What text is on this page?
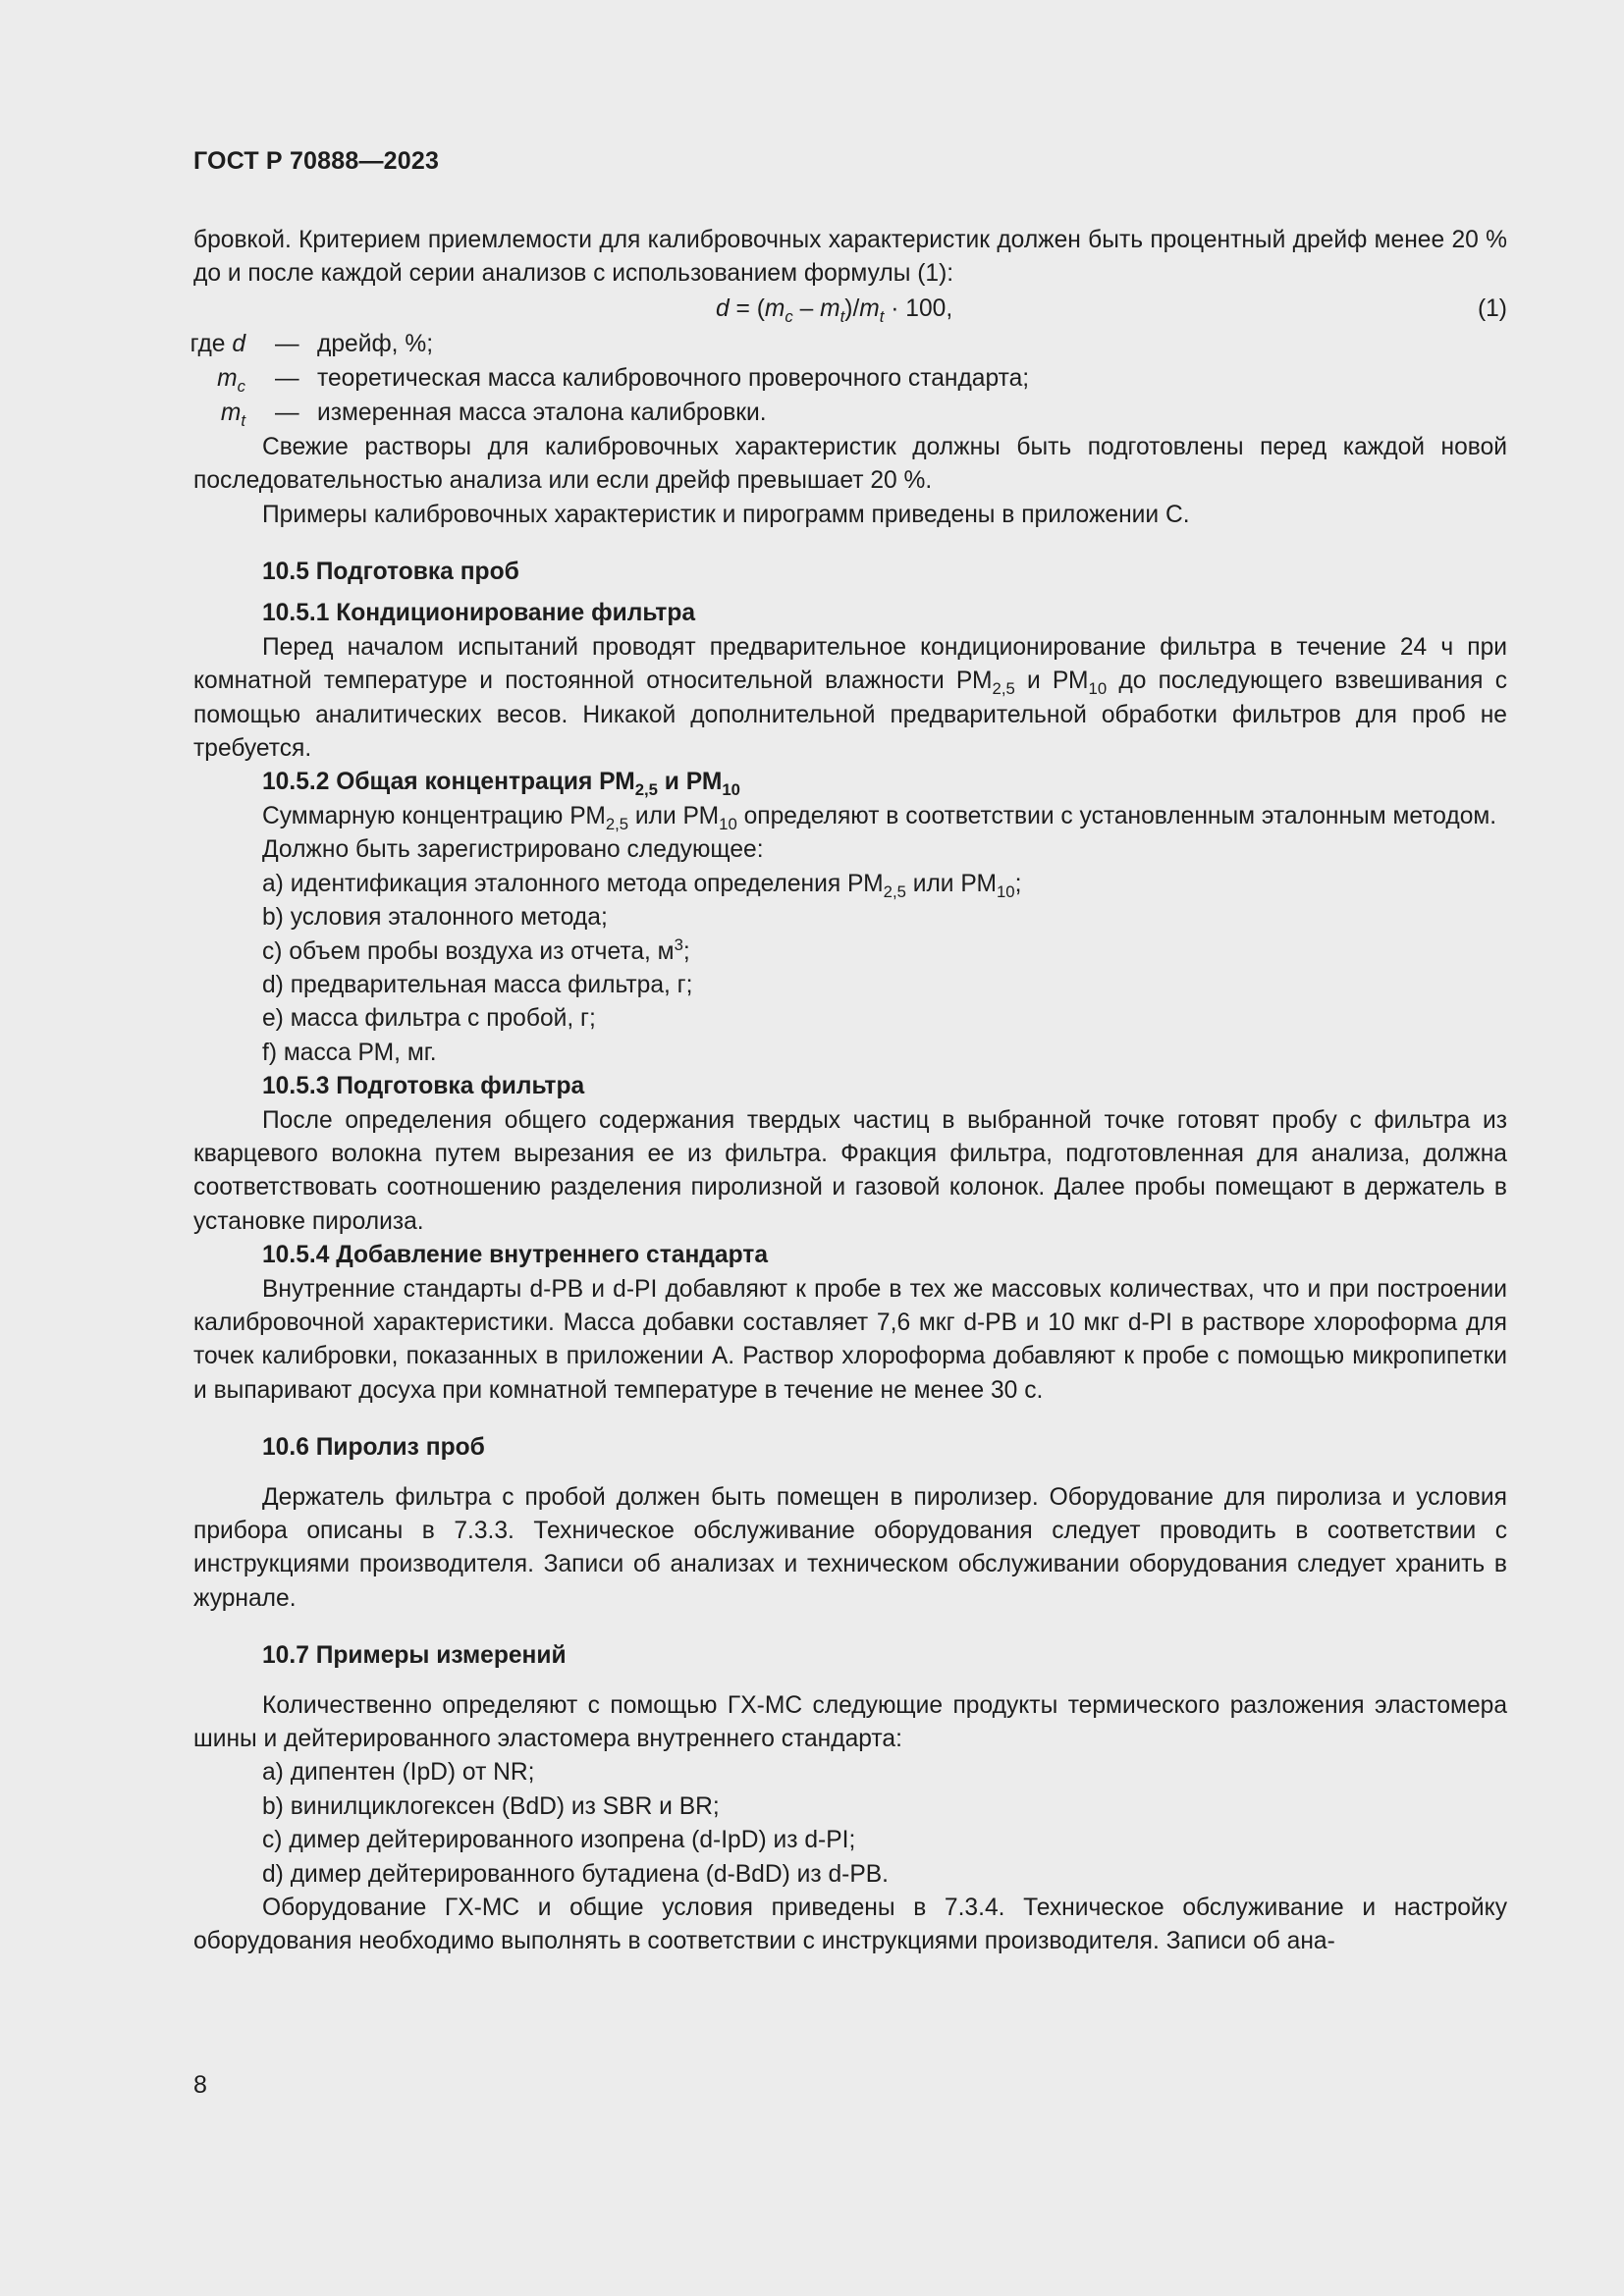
ГОСТ Р 70888—2023

бровкой. Критерием приемлемости для калибровочных характеристик должен быть процентный дрейф менее 20 % до и после каждой серии анализов с использованием формулы (1):

$d = (m_c - m_t)/m_t \cdot 100$,	(1)
где d — дрейф, %;
$m_c$ — теоретическая масса калибровочного проверочного стандарта;
$m_t$ — измеренная масса эталона калибровки.

Свежие растворы для калибровочных характеристик должны быть подготовлены перед каждой новой последовательностью анализа или если дрейф превышает 20 %.

Примеры калибровочных характеристик и пирограмм приведены в приложении С.

10.5 Подготовка проб

10.5.1 Кондиционирование фильтра

Перед началом испытаний проводят предварительное кондиционирование фильтра в течение 24 ч при комнатной температуре и постоянной относительной влажности $РМ_{2,5}$ и $РМ_{10}$ до последующего взвешивания с помощью аналитических весов. Никакой дополнительной предварительной обработки фильтров для проб не требуется.

10.5.2 Общая концентрация $РМ_{2,5}$ и $РМ_{10}$

Суммарную концентрацию $РМ_{2,5}$ или $РМ_{10}$ определяют в соответствии с установленным эталонным методом.

Должно быть зарегистрировано следующее:

a) идентификация эталонного метода определения $РМ_{2,5}$ или $РМ_{10}$;

b) условия эталонного метода;

c) объем пробы воздуха из отчета, $м^3$;

d) предварительная масса фильтра, г;

e) масса фильтра с пробой, г;

f) масса РМ, мг.

10.5.3 Подготовка фильтра

После определения общего содержания твердых частиц в выбранной точке готовят пробу с фильтра из кварцевого волокна путем вырезания ее из фильтра. Фракция фильтра, подготовленная для анализа, должна соответствовать соотношению разделения пиролизной и газовой колонок. Далее пробы помещают в держатель в установке пиролиза.

10.5.4 Добавление внутреннего стандарта

Внутренние стандарты d-PB и d-PI добавляют к пробе в тех же массовых количествах, что и при построении калибровочной характеристики. Масса добавки составляет 7,6 мкг d-PB и 10 мкг d-PI в растворе хлороформа для точек калибровки, показанных в приложении А. Раствор хлороформа добавляют к пробе с помощью микропипетки и выпаривают досуха при комнатной температуре в течение не менее 30 с.

10.6 Пиролиз проб

Держатель фильтра с пробой должен быть помещен в пиролизер. Оборудование для пиролиза и условия прибора описаны в 7.3.3. Техническое обслуживание оборудования следует проводить в соответствии с инструкциями производителя. Записи об анализах и техническом обслуживании оборудования следует хранить в журнале.

10.7 Примеры измерений

Количественно определяют с помощью ГХ-МС следующие продукты термического разложения эластомера шины и дейтерированного эластомера внутреннего стандарта:

a) дипентен (IpD) от NR;

b) винилциклогексен (BdD) из SBR и BR;

c) димер дейтерированного изопрена (d-IpD) из d-PI;

d) димер дейтерированного бутадиена (d-BdD) из d-PB.

Оборудование ГХ-МС и общие условия приведены в 7.3.4. Техническое обслуживание и настройку оборудования необходимо выполнять в соответствии с инструкциями производителя. Записи об ана-

8
